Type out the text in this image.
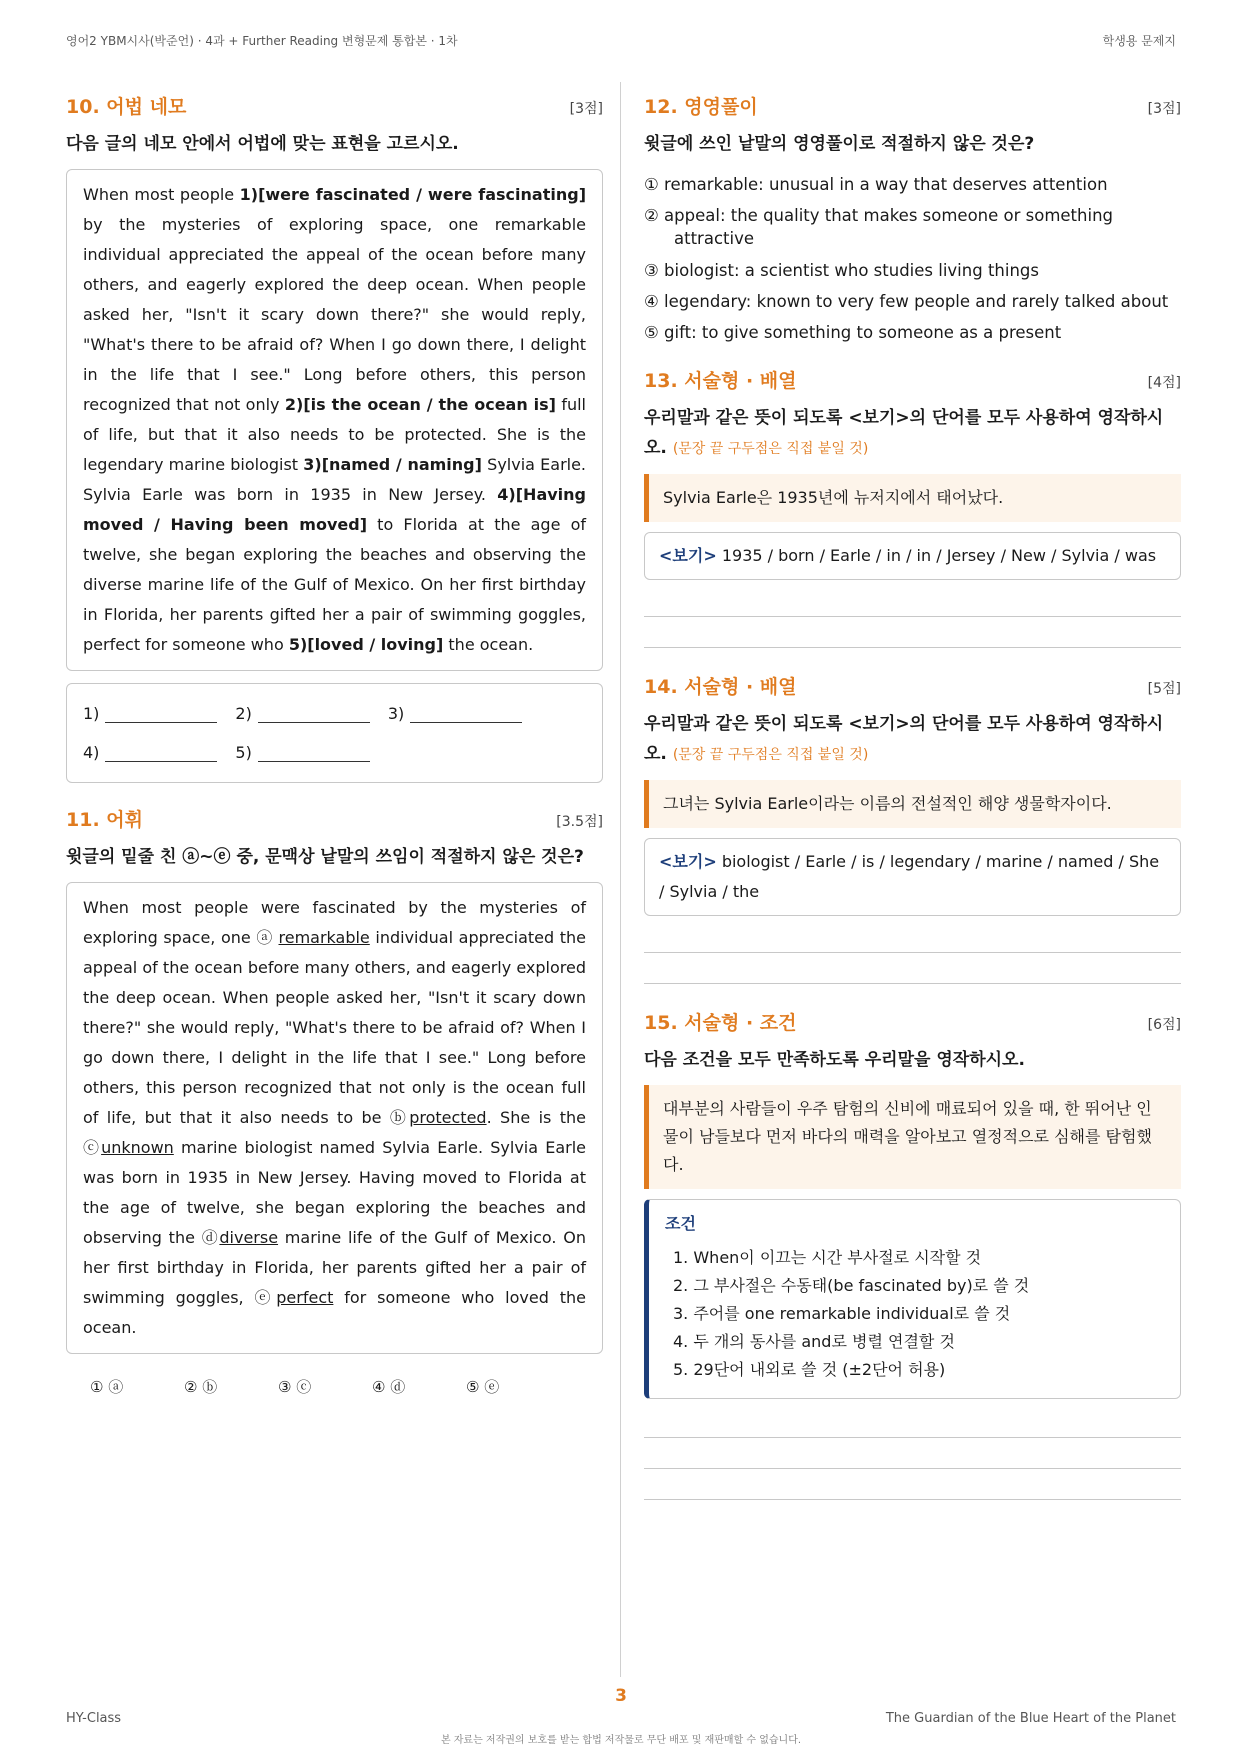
영어2 YBM시사(박준언) · 4과 + Further Reading 변형문제 통합본 · 1차	학생용 문제지
10. 어법 네모	[3점]
다음 글의 네모 안에서 어법에 맞는 표현을 고르시오.
When most people 1)[were fascinated / were fascinating] by the mysteries of exploring space, one remarkable individual appreciated the appeal of the ocean before many others, and eagerly explored the deep ocean. When people asked her, "Isn't it scary down there?" she would reply, "What's there to be afraid of? When I go down there, I delight in the life that I see." Long before others, this person recognized that not only 2)[is the ocean / the ocean is] full of life, but that it also needs to be protected. She is the legendary marine biologist 3)[named / naming] Sylvia Earle. Sylvia Earle was born in 1935 in New Jersey. 4)[Having moved / Having been moved] to Florida at the age of twelve, she began exploring the beaches and observing the diverse marine life of the Gulf of Mexico. On her first birthday in Florida, her parents gifted her a pair of swimming goggles, perfect for someone who 5)[loved / loving] the ocean.
1)	2)	3)
4)	5)
11. 어휘	[3.5점]
윗글의 밑줄 친 ⓐ~ⓔ 중, 문맥상 낱말의 쓰임이 적절하지 않은 것은?
When most people were fascinated by the mysteries of exploring space, one ⓐ remarkable individual appreciated the appeal of the ocean before many others, and eagerly explored the deep ocean. When people asked her, "Isn't it scary down there?" she would reply, "What's there to be afraid of? When I go down there, I delight in the life that I see." Long before others, this person recognized that not only is the ocean full of life, but that it also needs to be ⓑprotected. She is the ⓒunknown marine biologist named Sylvia Earle. Sylvia Earle was born in 1935 in New Jersey. Having moved to Florida at the age of twelve, she began exploring the beaches and observing the ⓓdiverse marine life of the Gulf of Mexico. On her first birthday in Florida, her parents gifted her a pair of swimming goggles, ⓔperfect for someone who loved the ocean.
① ⓐ	② ⓑ	③ ⓒ	④ ⓓ	⑤ ⓔ
12. 영영풀이	[3점]
윗글에 쓰인 낱말의 영영풀이로 적절하지 않은 것은?
① remarkable: unusual in a way that deserves attention
② appeal: the quality that makes someone or something
attractive
③ biologist: a scientist who studies living things
④ legendary: known to very few people and rarely talked about
⑤ gift: to give something to someone as a present
13. 서술형 · 배열	[4점]
우리말과 같은 뜻이 되도록 <보기>의 단어를 모두 사용하여 영작하시오. (문장 끝 구두점은 직접 붙일 것)
Sylvia Earle은 1935년에 뉴저지에서 태어났다.
<보기> 1935 / born / Earle / in / in / Jersey / New / Sylvia / was
14. 서술형 · 배열	[5점]
우리말과 같은 뜻이 되도록 <보기>의 단어를 모두 사용하여 영작하시오. (문장 끝 구두점은 직접 붙일 것)
그녀는 Sylvia Earle이라는 이름의 전설적인 해양 생물학자이다.
<보기> biologist / Earle / is / legendary / marine / named / She / Sylvia / the
15. 서술형 · 조건	[6점]
다음 조건을 모두 만족하도록 우리말을 영작하시오.
대부분의 사람들이 우주 탐험의 신비에 매료되어 있을 때, 한 뛰어난 인물이 남들보다 먼저 바다의 매력을 알아보고 열정적으로 심해를 탐험했다.
조건
1. When이 이끄는 시간 부사절로 시작할 것
2. 그 부사절은 수동태(be fascinated by)로 쓸 것
3. 주어를 one remarkable individual로 쓸 것
4. 두 개의 동사를 and로 병렬 연결할 것
5. 29단어 내외로 쓸 것 (±2단어 허용)
3
HY-Class	The Guardian of the Blue Heart of the Planet
본 자료는 저작권의 보호를 받는 합법 저작물로 무단 배포 및 재판매할 수 없습니다.
